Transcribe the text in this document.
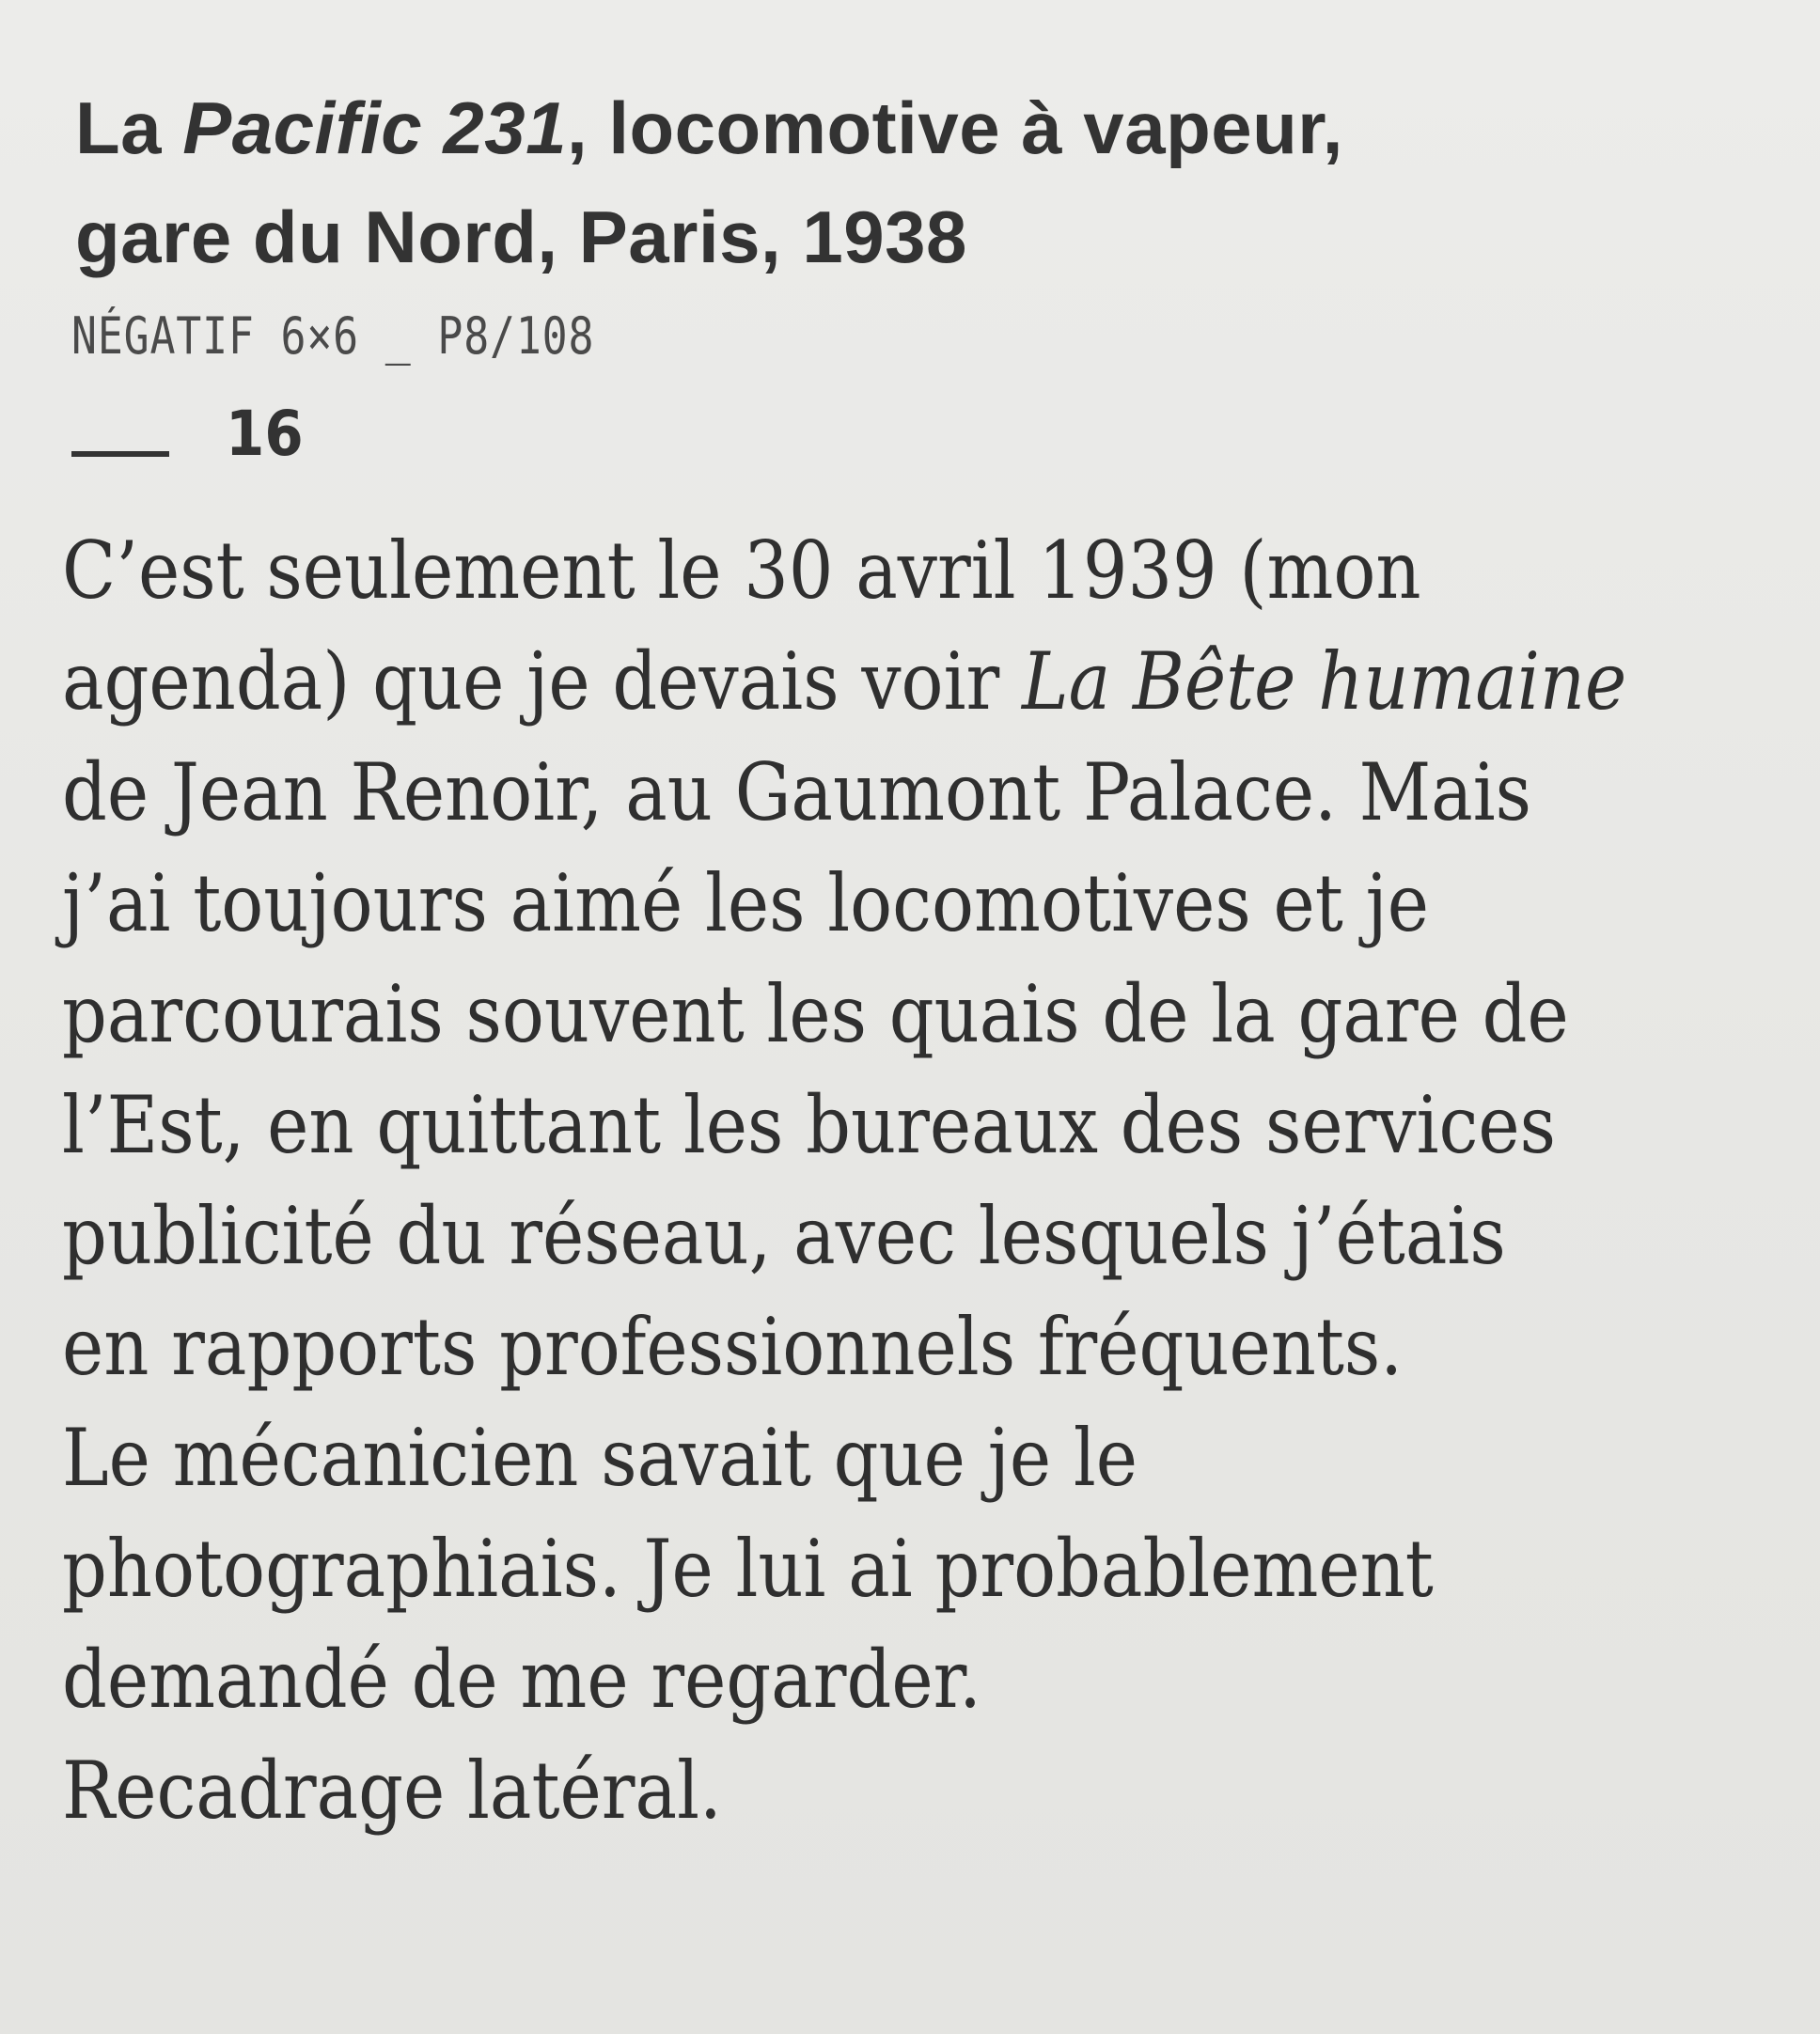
La Pacific 231, locomotive à vapeur,
gare du Nord, Paris, 1938
NÉGATIF 6×6 _ P8/108
16
C’est seulement le 30 avril 1939 (mon
agenda) que je devais voir La Bête humaine
de Jean Renoir, au Gaumont Palace. Mais
j’ai toujours aimé les locomotives et je
parcourais souvent les quais de la gare de
l’Est, en quittant les bureaux des services
publicité du réseau, avec lesquels j’étais
en rapports professionnels fréquents.
Le mécanicien savait que je le
photographiais. Je lui ai probablement
demandé de me regarder.
Recadrage latéral.
